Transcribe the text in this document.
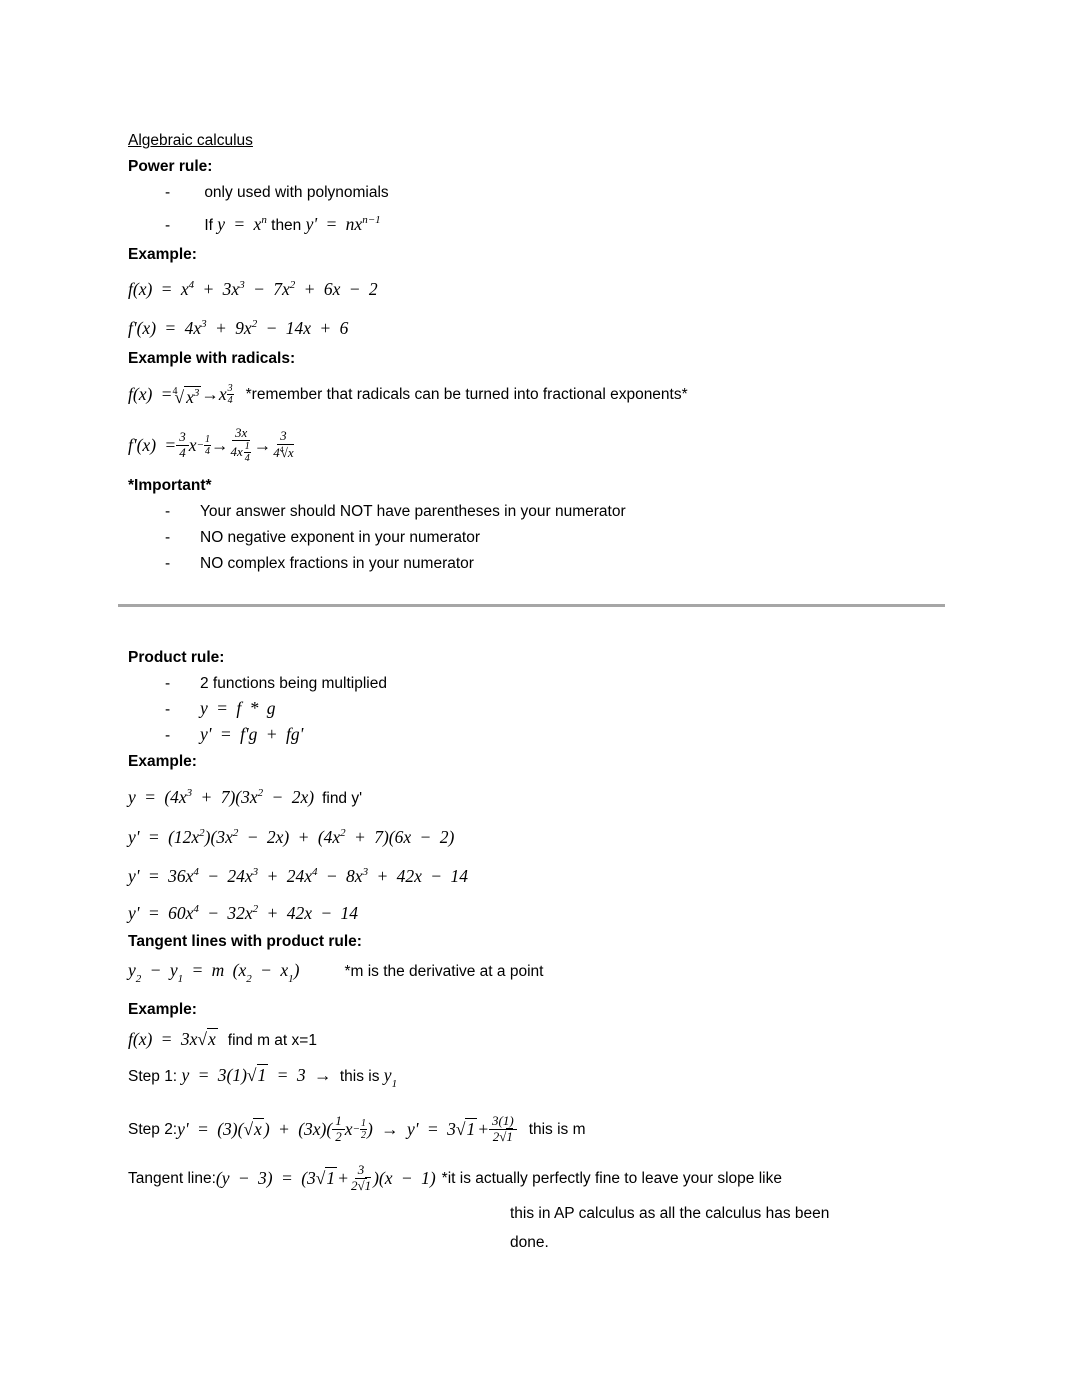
Algebraic calculus
Power rule:
- only used with polynomials
- If $y = x^n$ then $y' = nx^{n-1}$
Example:
$f(x) = x^4 + 3x^3 - 7x^2 + 6x - 2$
$f'(x) = 4x^3 + 9x^2 - 14x + 6$
Example with radicals:
f(x) = $^4$ √ $x^3 \to x \frac{3}{4}$ *remember that radicals can be turned into fractional exponents*
$f'(x) = \frac{3}{4}$ $x - \frac{1}{4} \to \frac{3x}{4x \frac{1}{4}} \to \frac{3}{4^4 √ x}$
*Important*
- Your answer should NOT have parentheses in your numerator
- NO negative exponent in your numerator
- NO complex fractions in your numerator
Product rule:
- 2 functions being multiplied
- y = f * g
- y' = f'g + fg'
Example:
$y = (4x^3 + 7)(3x^2 - 2x)$ find y'
$y' = (12x^2)(3x^2 - 2x) + (4x^2 + 7)(6x - 2)$
$y' = 36x^4 - 24x^3 + 24x^4 - 8x^3 + 42x - 14$
$y' = 60x^4 - 32x^2 + 42x - 14$
Tangent lines with product rule:
$y_2 - y_1 = m$ $(x_2 - x_1)$	*m is the derivative at a point
Example:
f(x) = 3x √ x find m at x=1
Step 1: y = 3(1) √ 1 = 3 → this is $y_1$
Step 2: y' = (3)( √ x ) + $(3x)( \frac{1}{2}$ $x - \frac{1}{2}$ ) → y' = 3 √ $1 + \frac{3(1)}{2 √ 1}$ this is m
Tangent line: (y − 3) = (3 √ $1 + \frac{3}{2 √ 1} )(x - 1)$ *it is actually perfectly fine to leave your slope like
this in AP calculus as all the calculus has been
done.
